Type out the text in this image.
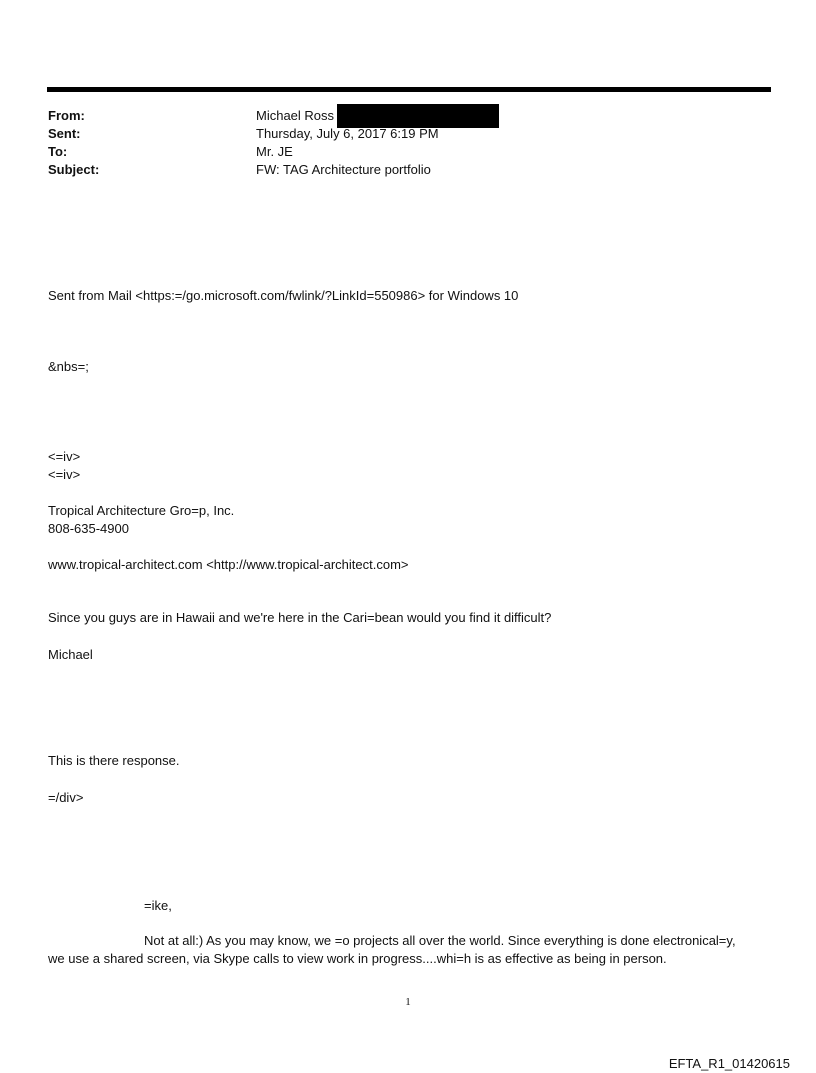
From:	Michael Ross
Sent:	Thursday, July 6, 2017 6:19 PM
To:	Mr. JE
Subject:	FW: TAG Architecture portfolio
Sent from Mail <https:=/go.microsoft.com/fwlink/?LinkId=550986> for Windows 10
&nbs=;
<=iv>
<=iv>
Tropical Architecture Gro=p, Inc.
808-635-4900
www.tropical-architect.com <http://www.tropical-architect.com>
Since you guys are in Hawaii and we're here in the Cari=bean would you find it difficult?
Michael
This is there response.
=/div>
=ike,
Not at all:) As you may know, we =o projects all over the world. Since everything is done electronical=y,
we use a shared screen, via Skype calls to view work in progress....whi=h is as effective as being in person.
1
EFTA_R1_01420615
